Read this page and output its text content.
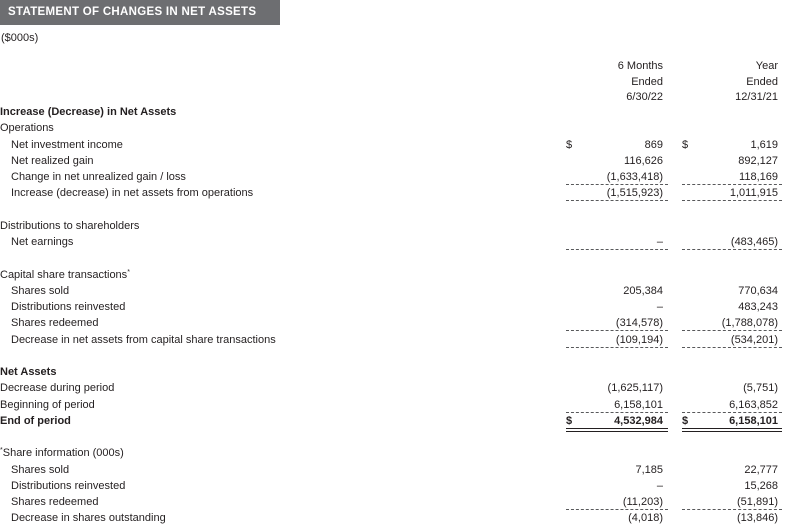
STATEMENT OF CHANGES IN NET ASSETS
($000s)
6 Months
Ended
6/30/22
Year
Ended
12/31/21
Increase (Decrease) in Net Assets
Operations
Net investment income	$	869 $	1,619
Net realized gain	116,626	892,127
Change in net unrealized gain / loss	(1,633,418)	118,169
Increase (decrease) in net assets from operations	(1,515,923)	1,011,915
Distributions to shareholders
Net earnings	–	(483,465)
Capital share transactions*
Shares sold	205,384	770,634
Distributions reinvested	–	483,243
Shares redeemed	(314,578)	(1,788,078)
Decrease in net assets from capital share transactions	(109,194)	(534,201)
Net Assets
Decrease during period	(1,625,117)	(5,751)
Beginning of period	6,158,101	6,163,852
End of period	$	4,532,984 $	6,158,101
*Share information (000s)
Shares sold	7,185	22,777
Distributions reinvested	–	15,268
Shares redeemed	(11,203)	(51,891)
Decrease in shares outstanding	(4,018)	(13,846)
